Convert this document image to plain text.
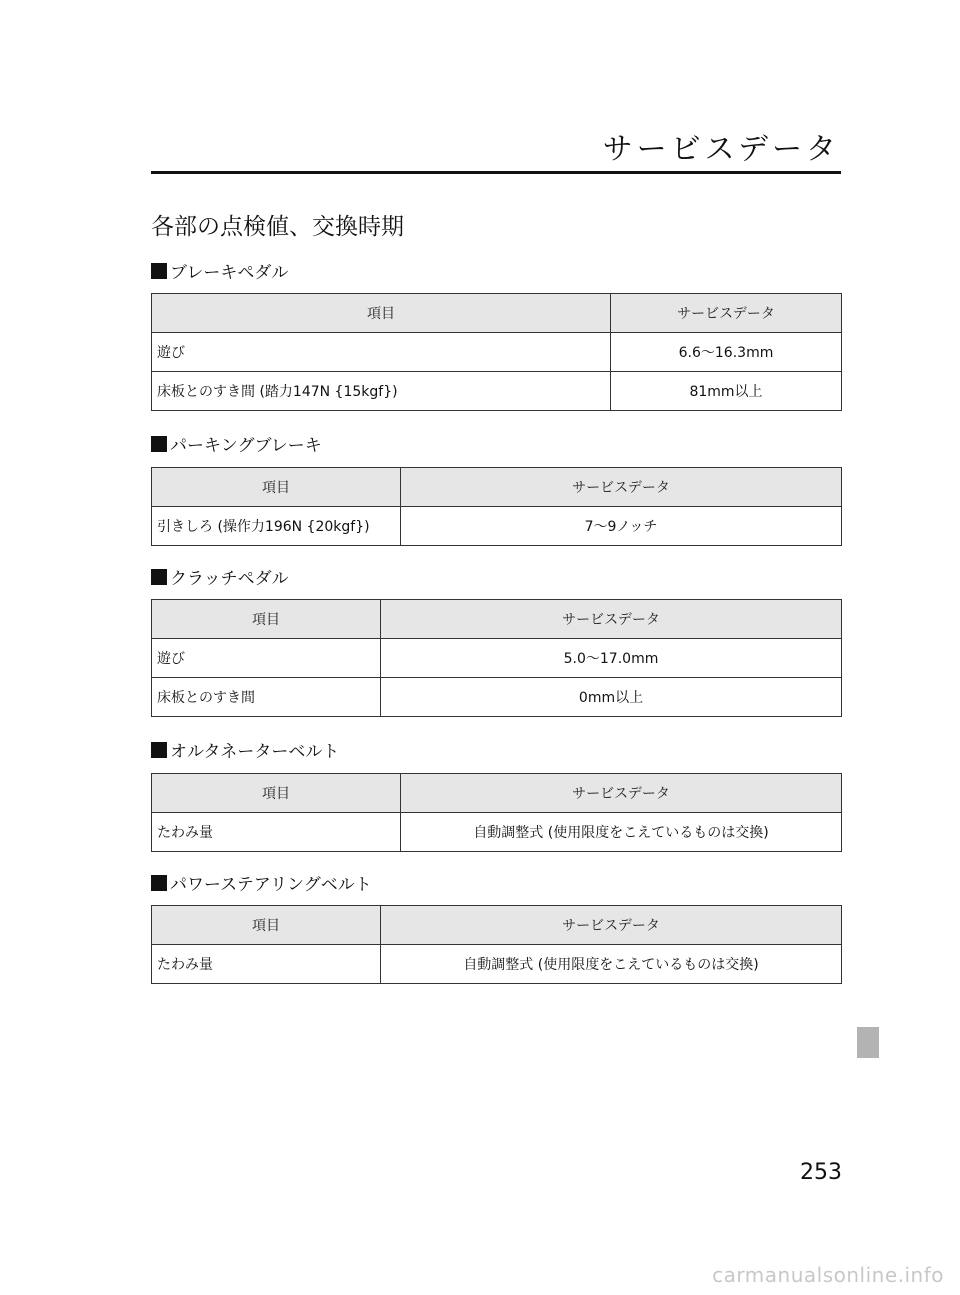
サービスデータ
各部の点検値、交換時期
ブレーキペダル
項目	サービスデータ
遊び	6.6〜16.3mm
床板とのすき間 (踏力147N {15kgf})	81mm以上
パーキングブレーキ
項目	サービスデータ
引きしろ (操作力196N {20kgf})	7〜9ノッチ
クラッチペダル
項目	サービスデータ
遊び	5.0〜17.0mm
床板とのすき間	0mm以上
オルタネーターベルト
項目	サービスデータ
たわみ量	自動調整式 (使用限度をこえているものは交換)
パワーステアリングベルト
項目	サービスデータ
たわみ量	自動調整式 (使用限度をこえているものは交換)
253
carmanualsonline.info
